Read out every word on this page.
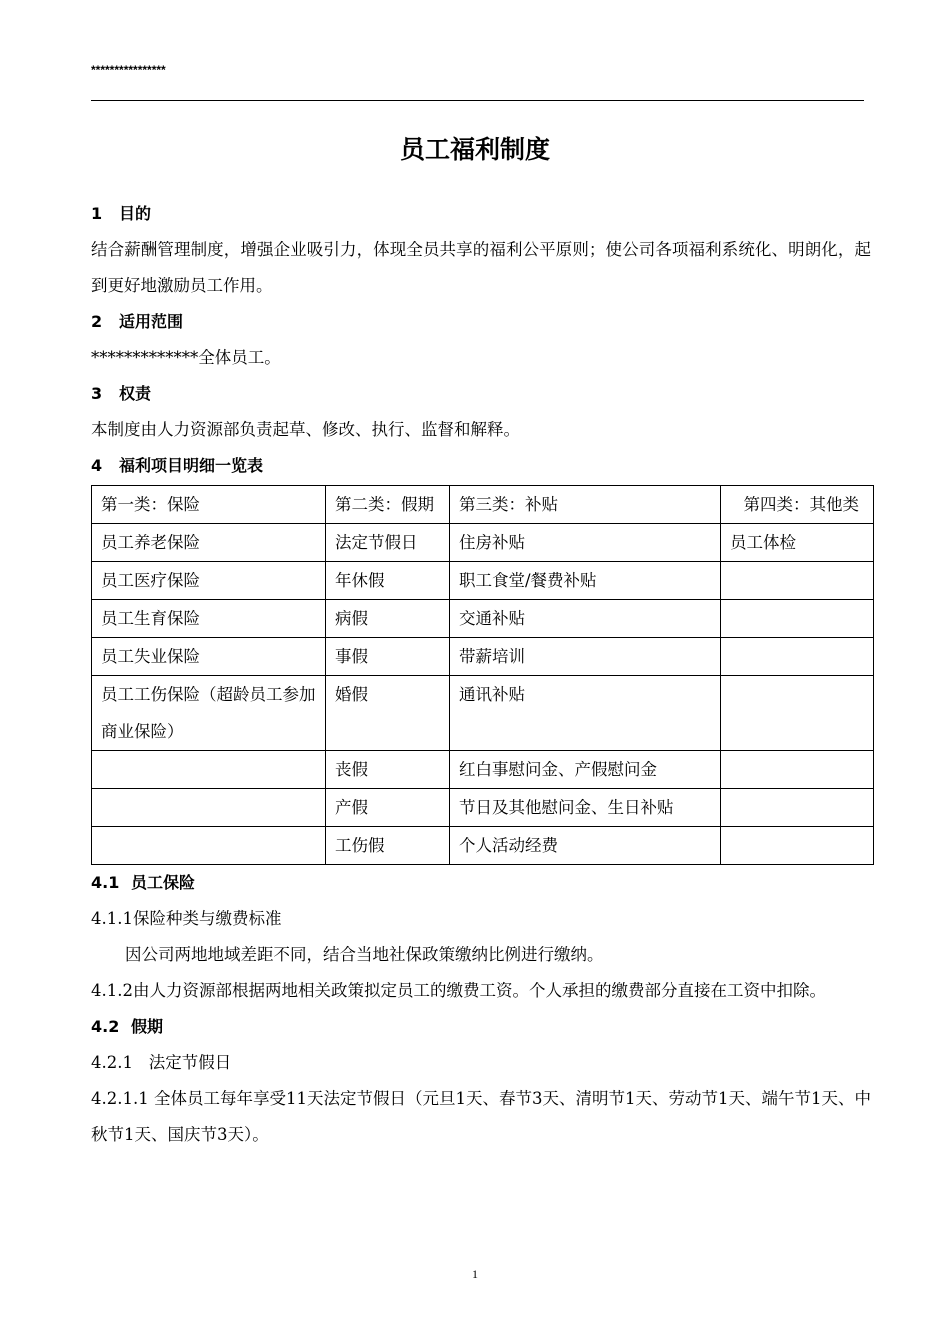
****************
员工福利制度
1 目的
结合薪酬管理制度，增强企业吸引力，体现全员共享的福利公平原则；使公司各项福利系统化、明朗化，起到更好地激励员工作用。
2 适用范围
*************全体员工。
3 权责
本制度由人力资源部负责起草、修改、执行、监督和解释。
4 福利项目明细一览表
第一类：保险	第二类：假期	第三类：补贴	第四类：其他类
员工养老保险	法定节假日	住房补贴	员工体检
员工医疗保险	年休假	职工食堂/餐费补贴	
员工生育保险	病假	交通补贴	
员工失业保险	事假	带薪培训	
员工工伤保险（超龄员工参加商业保险）	婚假	通讯补贴	
	丧假	红白事慰问金、产假慰问金	
	产假	节日及其他慰问金、生日补贴	
	工伤假	个人活动经费	
4.1 员工保险
4.1.1保险种类与缴费标准
因公司两地地域差距不同，结合当地社保政策缴纳比例进行缴纳。
4.1.2由人力资源部根据两地相关政策拟定员工的缴费工资。个人承担的缴费部分直接在工资中扣除。
4.2 假期
4.2.1   法定节假日
4.2.1.1 全体员工每年享受11天法定节假日（元旦1天、春节3天、清明节1天、劳动节1天、端午节1天、中秋节1天、国庆节3天）。
1
